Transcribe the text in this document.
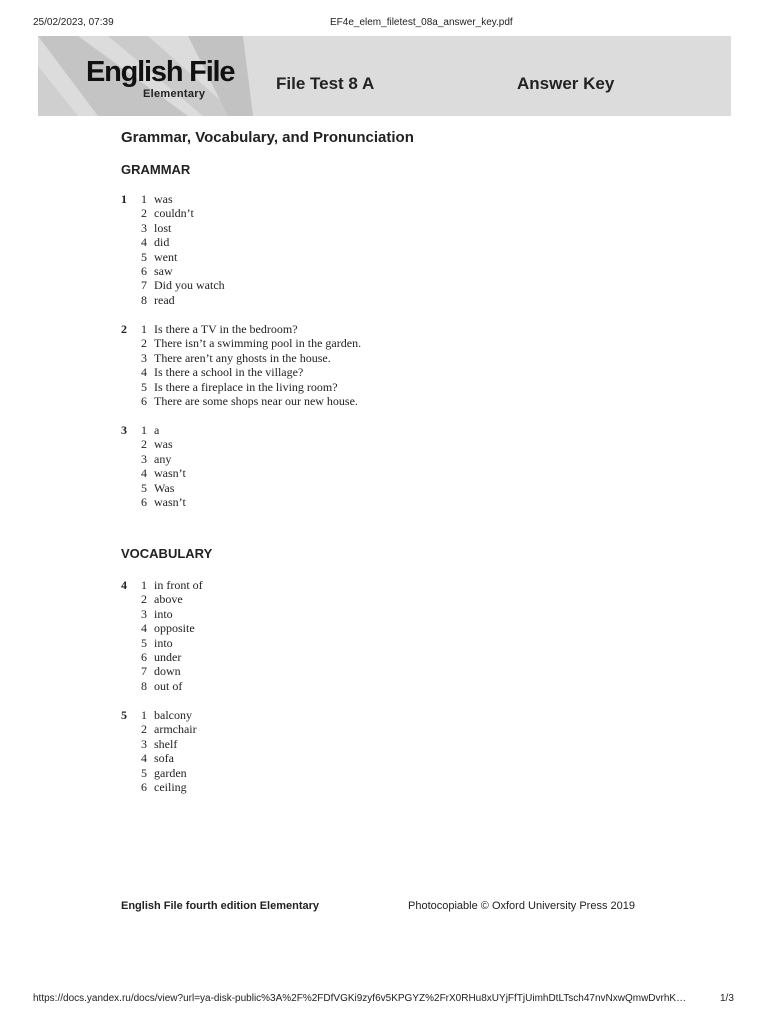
25/02/2023, 07:39	EF4e_elem_filetest_08a_answer_key.pdf
English File
Elementary
File Test 8 A	Answer Key
Grammar, Vocabulary, and Pronunciation
GRAMMAR
1	1 was
2 couldn’t
3 lost
4 did
5 went
6 saw
7 Did you watch
8 read
2	1 Is there a TV in the bedroom?
2 There isn’t a swimming pool in the garden.
3 There aren’t any ghosts in the house.
4 Is there a school in the village?
5 Is there a fireplace in the living room?
6 There are some shops near our new house.
3	1 a
2 was
3 any
4 wasn’t
5 Was
6 wasn’t
VOCABULARY
4	1 in front of
2 above
3 into
4 opposite
5 into
6 under
7 down
8 out of
5	1 balcony
2 armchair
3 shelf
4 sofa
5 garden
6 ceiling
English File fourth edition Elementary	Photocopiable © Oxford University Press 2019
https://docs.yandex.ru/docs/view?url=ya-disk-public%3A%2F%2FDfVGKi9zyf6v5KPGYZ%2FrX0RHu8xUYjFfTjUimhDtLTsch47nvNxwQmwDvrhK…	1/3
